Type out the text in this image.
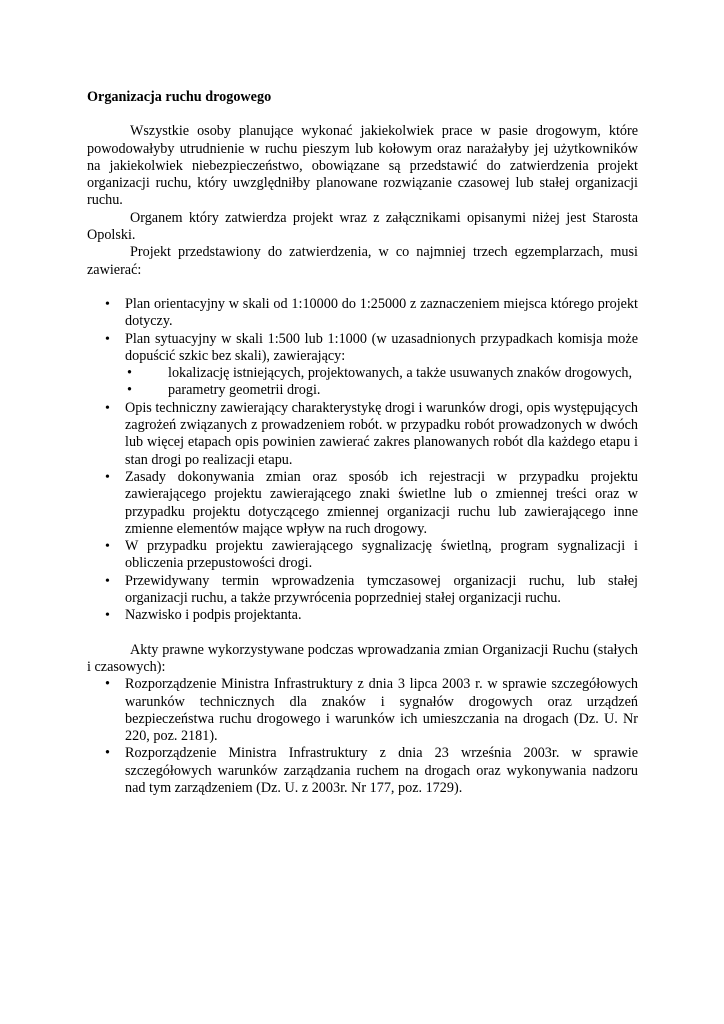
Organizacja ruchu drogowego

Wszystkie osoby planujące wykonać jakiekolwiek prace w pasie drogowym, które powodowałyby utrudnienie w ruchu pieszym lub kołowym oraz narażałyby jej użytkowników na jakiekolwiek niebezpieczeństwo, obowiązane są przedstawić do zatwierdzenia projekt organizacji ruchu, który uwzględniłby planowane rozwiązanie czasowej lub stałej organizacji ruchu.

Organem który zatwierdza projekt wraz z załącznikami opisanymi niżej jest Starosta Opolski.

Projekt przedstawiony do zatwierdzenia, w co najmniej trzech egzemplarzach, musi zawierać:

• Plan orientacyjny w skali od 1:10000 do 1:25000 z zaznaczeniem miejsca którego projekt dotyczy.
• Plan sytuacyjny w skali 1:500 lub 1:1000 (w uzasadnionych przypadkach komisja może dopuścić szkic bez skali), zawierający:
•	lokalizację istniejących, projektowanych, a także usuwanych znaków drogowych,
•	parametry geometrii drogi.
• Opis techniczny zawierający charakterystykę drogi i warunków drogi, opis występujących zagrożeń związanych z prowadzeniem robót. w przypadku robót prowadzonych w dwóch lub więcej etapach opis powinien zawierać zakres planowanych robót dla każdego etapu i stan drogi po realizacji etapu.
• Zasady dokonywania zmian oraz sposób ich rejestracji w przypadku projektu zawierającego projektu zawierającego znaki świetlne lub o zmiennej treści oraz w przypadku projektu dotyczącego zmiennej organizacji ruchu lub zawierającego inne zmienne elementów mające wpływ na ruch drogowy.
• W przypadku projektu zawierającego sygnalizację świetlną, program sygnalizacji i obliczenia przepustowości drogi.
• Przewidywany termin wprowadzenia tymczasowej organizacji ruchu, lub stałej organizacji ruchu, a także przywrócenia poprzedniej stałej organizacji ruchu.
• Nazwisko i podpis projektanta.

Akty prawne wykorzystywane podczas wprowadzania zmian Organizacji Ruchu (stałych i czasowych):

• Rozporządzenie Ministra Infrastruktury z dnia 3 lipca 2003 r. w sprawie szczegółowych warunków technicznych dla znaków i sygnałów drogowych oraz urządzeń bezpieczeństwa ruchu drogowego i warunków ich umieszczania na drogach (Dz. U. Nr 220, poz. 2181).
• Rozporządzenie Ministra Infrastruktury z dnia 23 września 2003r. w sprawie szczegółowych warunków zarządzania ruchem na drogach oraz wykonywania nadzoru nad tym zarządzeniem (Dz. U. z 2003r. Nr 177, poz. 1729).
